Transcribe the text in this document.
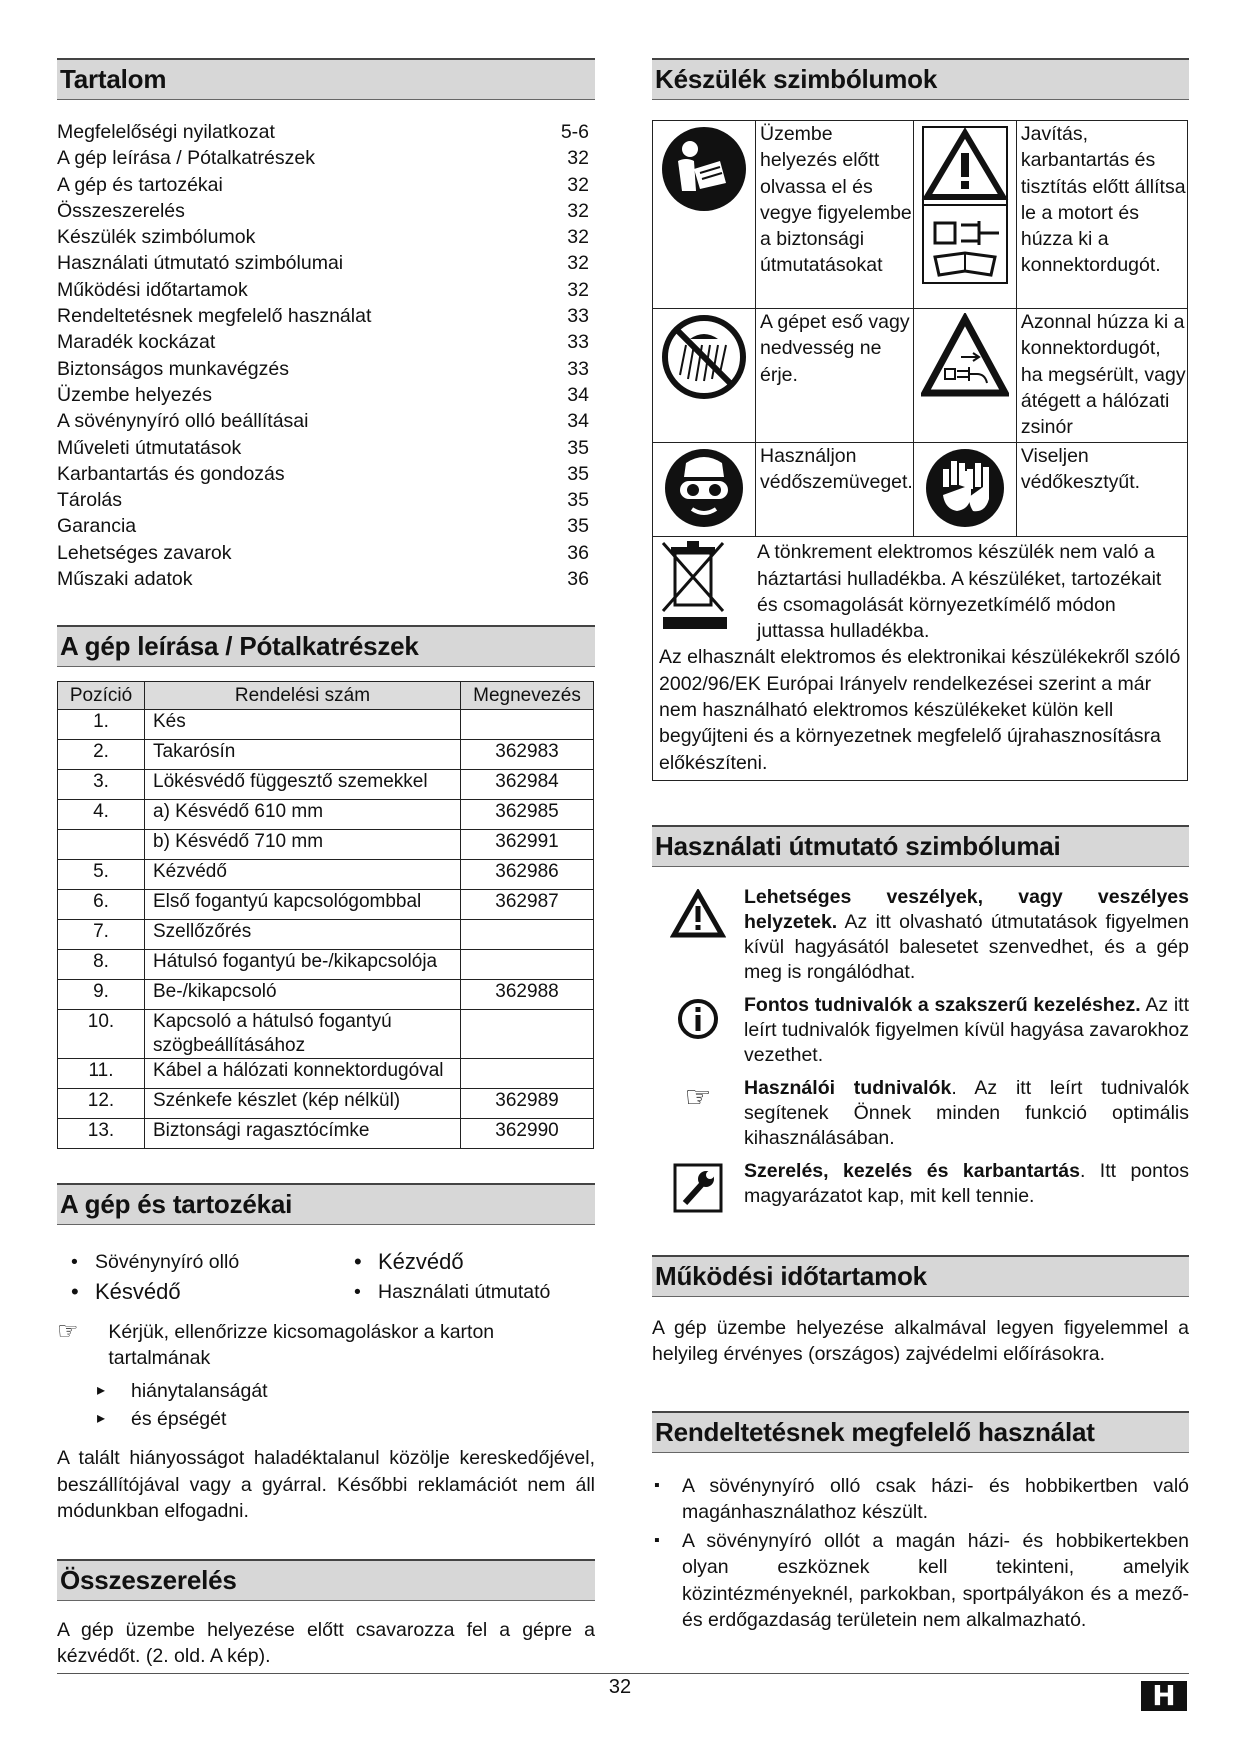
Tartalom
Megfelelőségi nyilatkozat	5-6
A gép leírása / Pótalkatrészek	32
A gép és tartozékai	32
Összeszerelés	32
Készülék szimbólumok	32
Használati útmutató szimbólumai	32
Működési időtartamok	32
Rendeltetésnek megfelelő használat	33
Maradék kockázat	33
Biztonságos munkavégzés	33
Üzembe helyezés	34
A sövénynyíró olló beállításai	34
Műveleti útmutatások	35
Karbantartás és gondozás	35
Tárolás	35
Garancia	35
Lehetséges zavarok	36
Műszaki adatok	36
A gép leírása / Pótalkatrészek
Pozíció	Rendelési szám	Megnevezés
1.	Kés	
2.	Takarósín	362983
3.	Lökésvédő függesztő szemekkel	362984
4.	a) Késvédő 610 mm	362985
	b) Késvédő 710 mm	362991
5.	Kézvédő	362986
6.	Első fogantyú kapcsológombbal	362987
7.	Szellőzőrés	
8.	Hátulsó fogantyú be-/kikapcsolója	
9.	Be-/kikapcsoló	362988
10.	Kapcsoló a hátulsó fogantyú szögbeállításához	
11.	Kábel a hálózati konnektordugóval	
12.	Szénkefe készlet (kép nélkül)	362989
13.	Biztonsági ragasztócímke	362990
A gép és tartozékai
• Sövénynyíró olló	• Kézvédő
• Késvédő	• Használati útmutató
☞	Kérjük, ellenőrizze kicsomagoláskor a karton tartalmának
▸ hiánytalanságát
▸ és épségét
A talált hiányosságot haladéktalanul közölje kereskedőjével, beszállítójával vagy a gyárral. Későbbi reklamációt nem áll módunkban elfogadni.
Összeszerelés
A gép üzembe helyezése előtt csavarozza fel a gépre a kézvédőt. (2. old. A kép).
Készülék szimbólumok
	Üzembe helyezés előtt olvassa el és vegye figyelembe a biztonsági útmutatásokat		Javítás, karbantartás és tisztítás előtt állítsa le a motort és húzza ki a konnektordugót.
	A gépet eső vagy nedvesség ne érje.		Azonnal húzza ki a konnektordugót, ha megsérült, vagy átégett a hálózati zsinór
	Használjon védőszemüveget.		Viseljen védőkesztyűt.

A tönkrement elektromos készülék nem való a háztartási hulladékba. A készüléket, tartozékait és csomagolását környezetkímélő módon juttassa hulladékba.
Az elhasznált elektromos és elektronikai készülékekről szóló 2002/96/EK Európai Irányelv rendelkezései szerint a már nem használható elektromos készülékeket külön kell begyűjteni és a környezetnek megfelelő újrahasznosításra előkészíteni.			
Használati útmutató szimbólumai
Lehetséges veszélyek, vagy veszélyes helyzetek. Az itt olvasható útmutatások figyelmen kívül hagyásától balesetet szenvedhet, és a gép meg is rongálódhat.
Fontos tudnivalók a szakszerű kezeléshez. Az itt leírt tudnivalók figyelmen kívül hagyása zavarokhoz vezethet.
☞	Használói tudnivalók. Az itt leírt tudnivalók segítenek Önnek minden funkció optimális kihasználásában.
Szerelés, kezelés és karbantartás. Itt pontos magyarázatot kap, mit kell tennie.
Működési időtartamok
A gép üzembe helyezése alkalmával legyen figyelemmel a helyileg érvényes (országos) zajvédelmi előírásokra.
Rendeltetésnek megfelelő használat
▪ A sövénynyíró olló csak házi- és hobbikertben való magánhasználathoz készült.
▪ A sövénynyíró ollót a magán házi- és hobbikertekben olyan eszköznek kell tekinteni, amelyik közintézményeknél, parkokban, sportpályákon és a mező- és erdőgazdaság területein nem alkalmazható.
32	H
